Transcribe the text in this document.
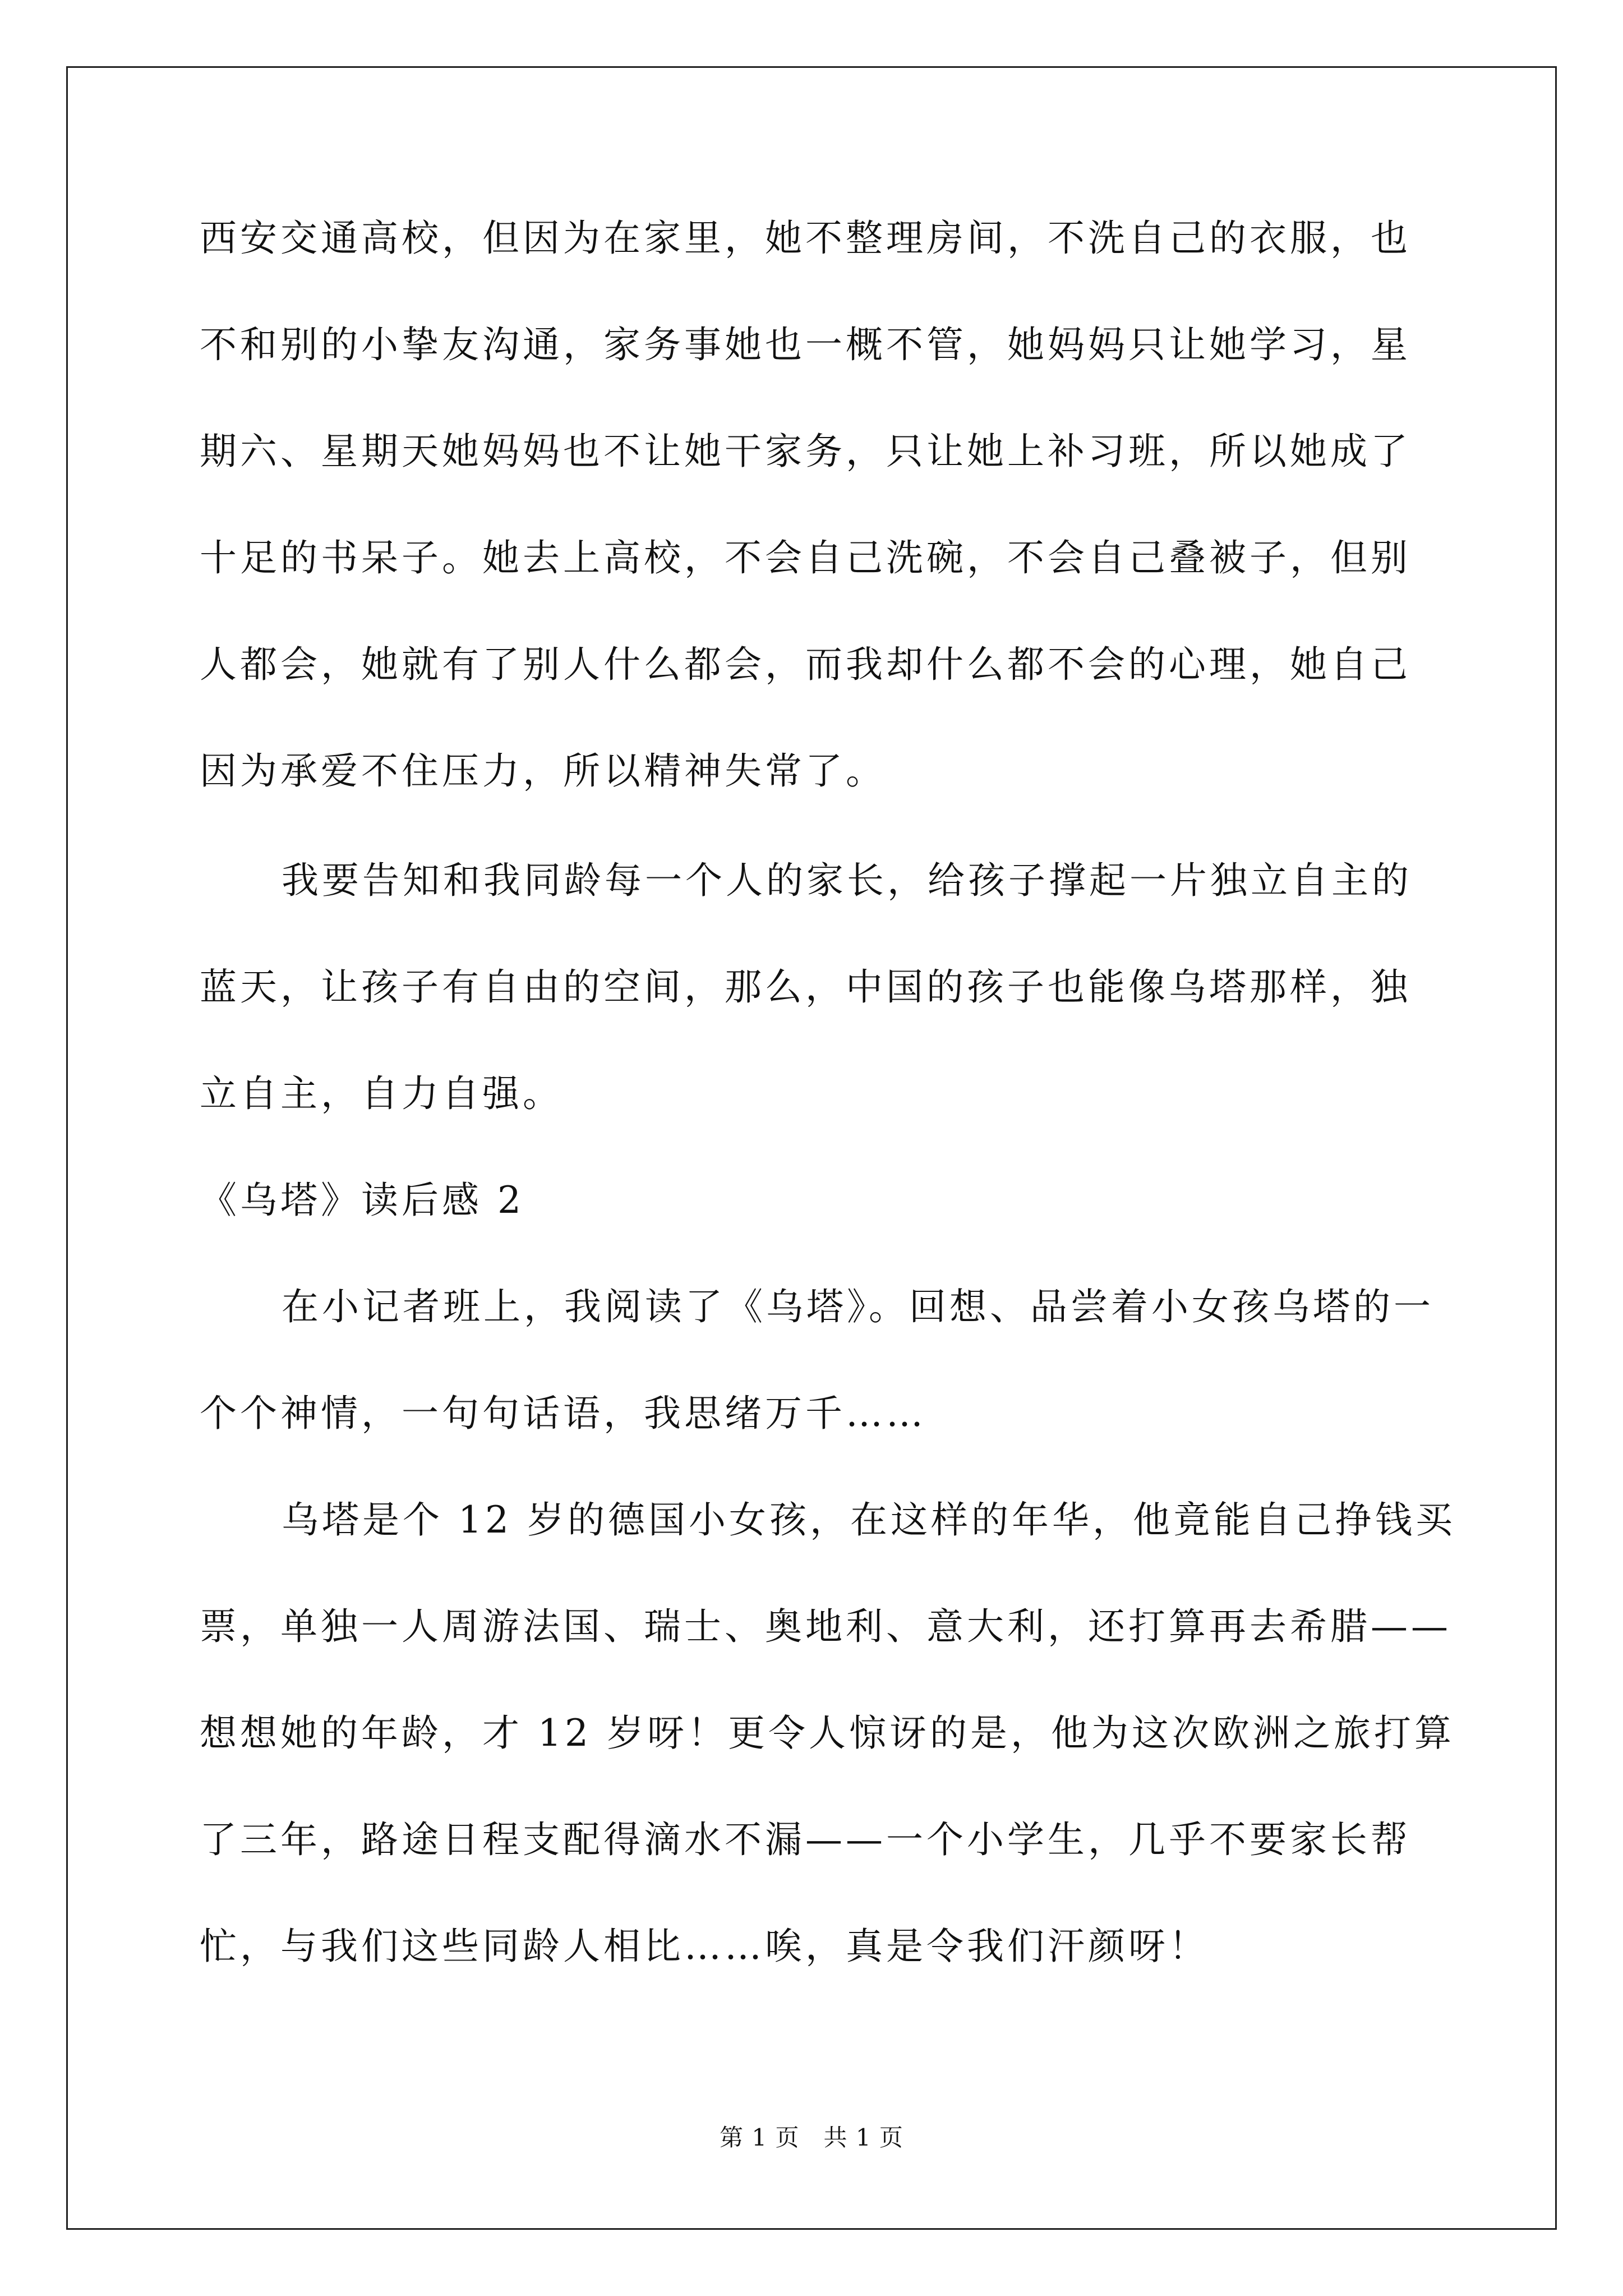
西安交通高校，但因为在家里，她不整理房间，不洗自己的衣服，也
不和别的小挚友沟通，家务事她也一概不管，她妈妈只让她学习，星
期六、星期天她妈妈也不让她干家务，只让她上补习班，所以她成了
十足的书呆子。她去上高校，不会自己洗碗，不会自己叠被子，但别
人都会，她就有了别人什么都会，而我却什么都不会的心理，她自己
因为承爱不住压力，所以精神失常了。
我要告知和我同龄每一个人的家长，给孩子撑起一片独立自主的
蓝天，让孩子有自由的空间，那么，中国的孩子也能像乌塔那样，独
立自主，自力自强。
《乌塔》读后感 2
在小记者班上，我阅读了《乌塔》。回想、品尝着小女孩乌塔的一
个个神情，一句句话语，我思绪万千……
乌塔是个 12 岁的德国小女孩，在这样的年华，他竟能自己挣钱买
票，单独一人周游法国、瑞士、奥地利、意大利，还打算再去希腊——
想想她的年龄，才 12 岁呀！更令人惊讶的是，他为这次欧洲之旅打算
了三年，路途日程支配得滴水不漏——一个小学生，几乎不要家长帮
忙，与我们这些同龄人相比……唉，真是令我们汗颜呀！
第 1 页　共 1 页
